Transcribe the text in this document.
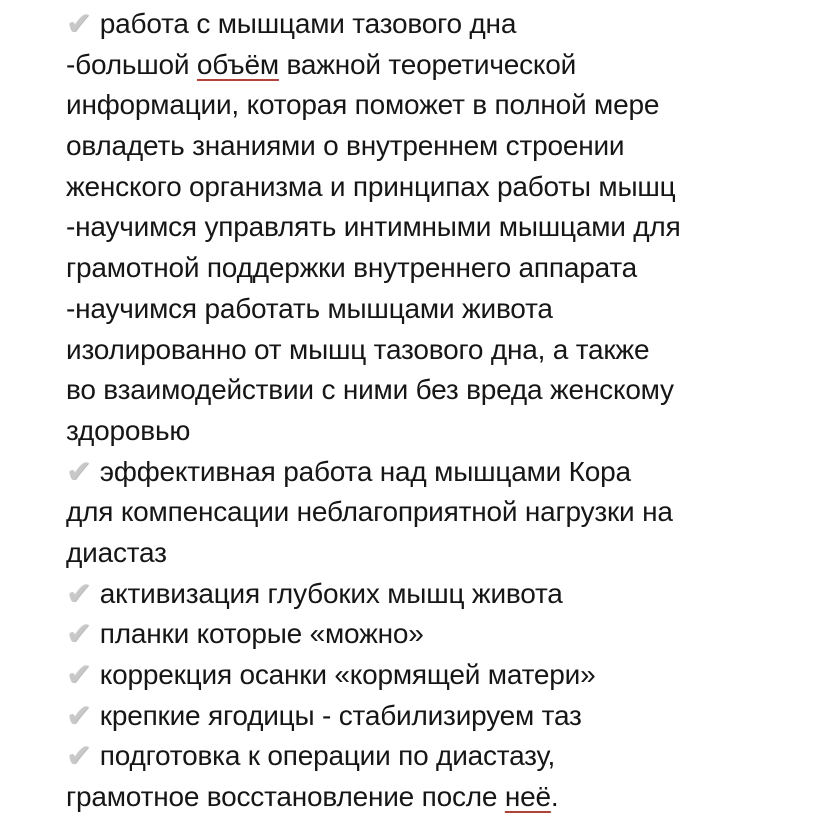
✔ работа с мышцами тазового дна
-большой объём важной теоретической
информации, которая поможет в полной мере
овладеть знаниями о внутреннем строении
женского организма и принципах работы мышц
-научимся управлять интимными мышцами для
грамотной поддержки внутреннего аппарата
-научимся работать мышцами живота
изолированно от мышц тазового дна, а также
во взаимодействии с ними без вреда женскому
здоровью
✔ эффективная работа над мышцами Кора
для компенсации неблагоприятной нагрузки на
диастаз
✔ активизация глубоких мышц живота
✔ планки которые «можно»
✔ коррекция осанки «кормящей матери»
✔ крепкие ягодицы - стабилизируем таз
✔ подготовка к операции по диастазу,
грамотное восстановление после неё.
